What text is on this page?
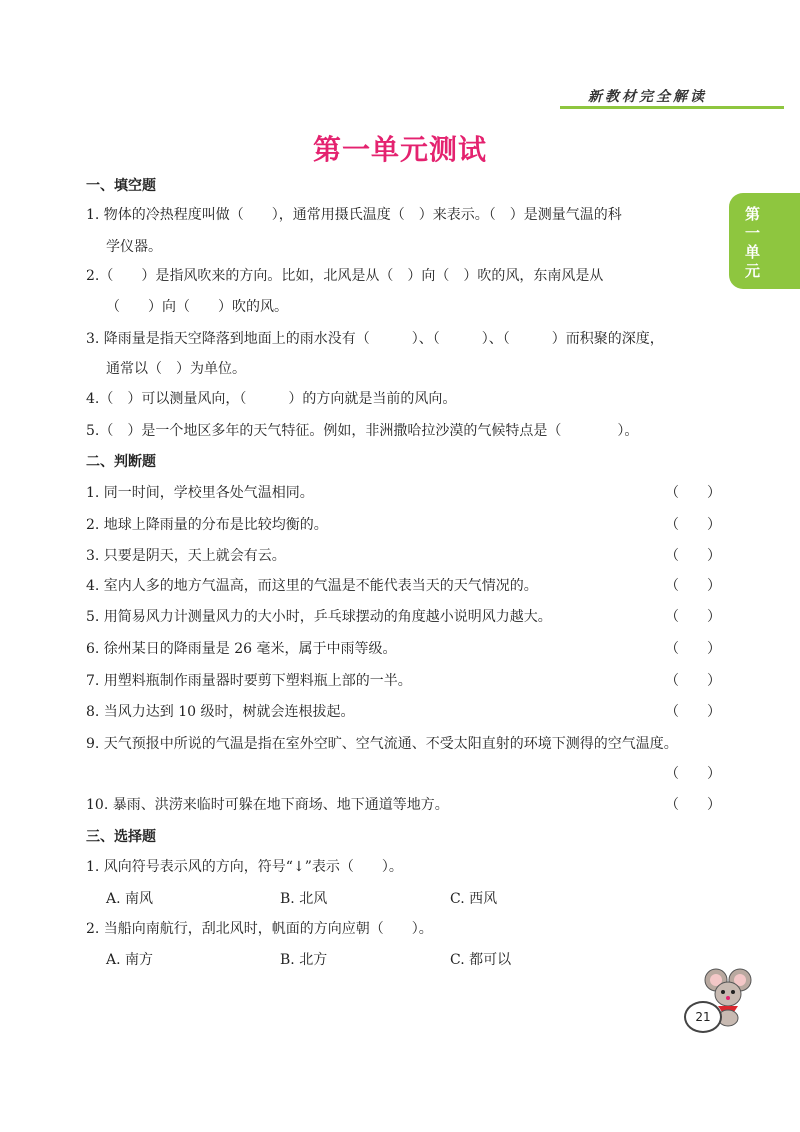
新教材完全解读
第一单元
第一单元测试
一、填空题
1. 物体的冷热程度叫做（　　），通常用摄氏温度（　）来表示。（　）是测量气温的科
学仪器。
2.（　　）是指风吹来的方向。比如，北风是从（　）向（　）吹的风，东南风是从
（　　）向（　　）吹的风。
3. 降雨量是指天空降落到地面上的雨水没有（　　　）、（　　　）、（　　　）而积聚的深度，
通常以（　）为单位。
4.（　）可以测量风向，（　　　）的方向就是当前的风向。
5.（　）是一个地区多年的天气特征。例如，非洲撒哈拉沙漠的气候特点是（　　　　）。
二、判断题
1. 同一时间，学校里各处气温相同。	（　　）
2. 地球上降雨量的分布是比较均衡的。	（　　）
3. 只要是阴天，天上就会有云。	（　　）
4. 室内人多的地方气温高，而这里的气温是不能代表当天的天气情况的。	（　　）
5. 用简易风力计测量风力的大小时，乒乓球摆动的角度越小说明风力越大。	（　　）
6. 徐州某日的降雨量是 26 毫米，属于中雨等级。	（　　）
7. 用塑料瓶制作雨量器时要剪下塑料瓶上部的一半。	（　　）
8. 当风力达到 10 级时，树就会连根拔起。	（　　）
9. 天气预报中所说的气温是指在室外空旷、空气流通、不受太阳直射的环境下测得的空气温度。
（　　）
10. 暴雨、洪涝来临时可躲在地下商场、地下通道等地方。	（　　）
三、选择题
1. 风向符号表示风的方向，符号“↓”表示（　　）。
A. 南风	B. 北风	C. 西风
2. 当船向南航行，刮北风时，帆面的方向应朝（　　）。
A. 南方	B. 北方	C. 都可以
21
